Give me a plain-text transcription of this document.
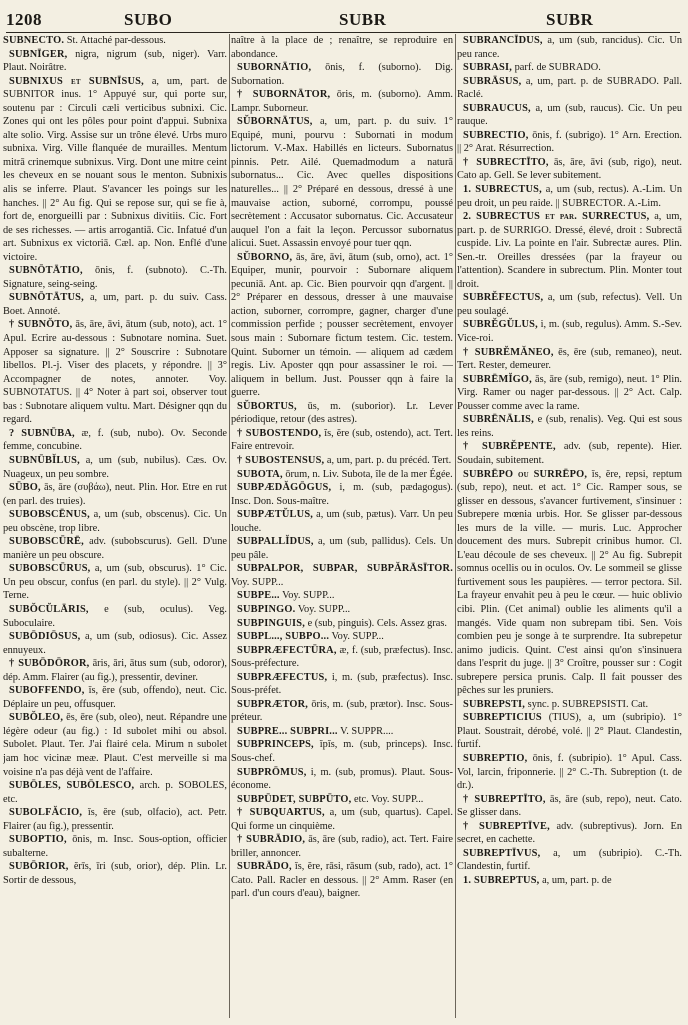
1208	SUBO	SUBR	SUBR

SUBNECTO. St. Attaché par-dessous.

SUBNĪGER, nigra, nigrum (sub, niger). Varr. Plaut. Noirâtre.

SUBNIXUS et SUBNĪSUS, a, um, part. de SUBNITOR inus. 1° Appuyé sur, qui porte sur, soutenu par : Circuli cæli verticibus subnixi. Cic. Zones qui ont les pôles pour point d'appui. Subnixa alte solio. Virg. Assise sur un trône élevé. Urbs muro subnixa. Virg. Ville flanquée de murailles. Mentum mitrā crinemque subnixus. Virg. Dont une mitre ceint les cheveux en se nouant sous le menton. Subnixis alis se inferre. Plaut. S'avancer les poings sur les hanches. || 2° Au fig. Qui se repose sur, qui se fie à, fort de, enorgueilli par : Subnixus divitiis. Cic. Fort de ses richesses. — artis arrogantiā. Cic. Infatué d'un art. Subnixus ex victoriā. Cæl. ap. Non. Enflé d'une victoire.

SUBNŌTĀTIO, ōnis, f. (subnoto). C.-Th. Signature, seing-seing.

SUBNŌTĀTUS, a, um, part. p. du suiv. Cass. Boet. Annoté.

† SUBNŎTO, ās, āre, āvi, ātum (sub, noto), act. 1° Apul. Ecrire au-dessous : Subnotare nomina. Suet. Apposer sa signature. || 2° Souscrire : Subnotare libellos. Pl.-j. Viser des placets, y répondre. || 3° Accompagner de notes, annoter. Voy. SUBNOTATUS. || 4° Noter à part soi, observer tout bas : Subnotare aliquem vultu. Mart. Désigner qqn du regard.

? SUBNŪBA, æ, f. (sub, nubo). Ov. Seconde femme, concubine.

SUBNŪBĬLUS, a, um (sub, nubilus). Cæs. Ov. Nuageux, un peu sombre.

SŪBO, ās, āre (συβάω), neut. Plin. Hor. Etre en rut (en parl. des truies).

SUBOBSCĒNUS, a, um (sub, obscenus). Cic. Un peu obscène, trop libre.

SUBOBSCŪRĒ, adv. (subobscurus). Gell. D'une manière un peu obscure.

SUBOBSCŪRUS, a, um (sub, obscurus). 1° Cic. Un peu obscur, confus (en parl. du style). || 2° Vulg. Terne.

SUBŎCŬLĀRIS, e (sub, oculus). Veg. Suboculaire.

SUBŌDIŌSUS, a, um (sub, odiosus). Cic. Assez ennuyeux.

† SUBŌDŌROR, āris, āri, ātus sum (sub, odoror), dép. Amm. Flairer (au fig.), pressentir, deviner.

SUBOFFENDO, ĭs, ĕre (sub, offendo), neut. Cic. Déplaire un peu, offusquer.

SUBŎLEO, ēs, ēre (sub, oleo), neut. Répandre une légère odeur (au fig.) : Id subolet mihi ou absol. Subolet. Plaut. Ter. J'ai flairé cela. Mirum n subolet jam hoc vicinæ meæ. Plaut. C'est merveille si ma voisine n'a pas déjà vent de l'affaire.

SUBŌLES, SUBŌLESCO, arch. p. SOBOLES, etc.

SUBOLFĂCIO, ĭs, ĕre (sub, olfacio), act. Petr. Flairer (au fig.), pressentir.

SUBOPTIO, ōnis, m. Insc. Sous-option, officier subalterne.

SUBŌRIOR, ĕrīs, īri (sub, orior), dép. Plin. Lr. Sortir de dessous,

naître à la place de ; renaître, se reproduire en abondance.

SUBORNĀTIO, ōnis, f. (suborno). Dig. Subornation.

† SUBORNĀTOR, ōris, m. (suborno). Amm. Lampr. Suborneur.

SŬBORNĀTUS, a, um, part. p. du suiv. 1° Equipé, muni, pourvu : Subornati in modum lictorum. V.-Max. Habillés en licteurs. Subornatus pinnis. Petr. Ailé. Quemadmodum a naturā subornatus... Cic. Avec quelles dispositions naturelles... || 2° Préparé en dessous, dressé à une mauvaise action, suborné, corrompu, poussé secrètement : Accusator subornatus. Cic. Accusateur auquel l'on a fait la leçon. Percussor subornatus alicui. Suet. Assassin envoyé pour tuer qqn.

SŬBORNO, ās, āre, āvi, ātum (sub, orno), act. 1° Equiper, munir, pourvoir : Subornare aliquem pecuniā. Ant. ap. Cic. Bien pourvoir qqn d'argent. || 2° Préparer en dessous, dresser à une mauvaise action, suborner, corrompre, gagner, charger d'une commission perfide ; pousser secrètement, envoyer sous main : Subornare fictum testem. Cic. testem. Quint. Suborner un témoin. — aliquem ad cædem regis. Liv. Aposter qqn pour assassiner le roi. — aliquem in bellum. Just. Pousser qqn à faire la guerre.

SŬBORTUS, ūs, m. (suborior). Lr. Lever périodique, retour (des astres).

† SUBOSTENDO, ĭs, ĕre (sub, ostendo), act. Tert. Faire entrevoir.

† SUBOSTENSUS, a, um, part. p. du précéd. Tert.

SUBOTA, ōrum, n. Liv. Subota, île de la mer Égée.

SUBPÆDĂGŌGUS, i, m. (sub, pædagogus). Insc. Don. Sous-maître.

SUBPÆTŬLUS, a, um (sub, pætus). Varr. Un peu louche.

SUBPALLĬDUS, a, um (sub, pallidus). Cels. Un peu pâle.

SUBPALPOR, SUBPAR, SUBPĂRĀSĪTOR. Voy. SUPP...

SUBPE... Voy. SUPP...

SUBPINGO. Voy. SUPP...

SUBPINGUIS, e (sub, pinguis). Cels. Assez gras.

SUBPL..., SUBPO... Voy. SUPP...

SUBPRÆFECTŪRA, æ, f. (sub, præfectus). Insc. Sous-préfecture.

SUBPRÆFECTUS, i, m. (sub, præfectus). Insc. Sous-préfet.

SUBPRÆTOR, ōris, m. (sub, prætor). Insc. Sous-préteur.

SUBPRE... SUBPRI... V. SUPPR....

SUBPRINCEPS, ĭpĭs, m. (sub, princeps). Insc. Sous-chef.

SUBPRŌMUS, i, m. (sub, promus). Plaut. Sous-économe.

SUBPŪDET, SUBPŪTO, etc. Voy. SUPP...

† SUBQUARTUS, a, um (sub, quartus). Capel. Qui forme un cinquième.

† SUBRĀDIO, ās, āre (sub, radio), act. Tert. Faire briller, annoncer.

SUBRĀDO, ĭs, ĕre, rāsi, rāsum (sub, rado), act. 1° Cato. Pall. Racler en dessous. || 2° Amm. Raser (en parl. d'un cours d'eau), baigner.

SUBRANCĪDUS, a, um (sub, rancidus). Cic. Un peu rance.

SUBRASI, parf. de SUBRADO.

SUBRĀSUS, a, um, part. p. de SUBRADO. Pall. Raclé.

SUBRAUCUS, a, um (sub, raucus). Cic. Un peu rauque.

SUBRECTIO, ōnis, f. (subrigo). 1° Arn. Erection. || 2° Arat. Résurrection.

† SUBRECTĪTO, ās, āre, āvi (sub, rigo), neut. Cato ap. Gell. Se lever subitement.

1. SUBRECTUS, a, um (sub, rectus). A.-Lim. Un peu droit, un peu raide. || SUBRECTOR. A.-Lim.

2. SUBRECTUS et par. SURRECTUS, a, um, part. p. de SURRIGO. Dressé, élevé, droit : Subrectā cuspide. Liv. La pointe en l'air. Subrectæ aures. Plin. Sen.-tr. Oreilles dressées (par la frayeur ou l'attention). Scandere in subrectum. Plin. Monter tout droit.

SUBRĔFECTUS, a, um (sub, refectus). Vell. Un peu soulagé.

SUBRĔGŬLUS, i, m. (sub, regulus). Amm. S.-Sev. Vice-roi.

† SUBRĔMĂNEO, ēs, ēre (sub, remaneo), neut. Tert. Rester, demeurer.

SUBRĒMĬGO, ās, āre (sub, remigo), neut. 1° Plin. Virg. Ramer ou nager par-dessous. || 2° Act. Calp. Pousser comme avec la rame.

SUBRĒNĀLIS, e (sub, renalis). Veg. Qui est sous les reins.

† SUBRĔPENTE, adv. (sub, repente). Hier. Soudain, subitement.

SUBRĒPO ou SURRĒPO, ĭs, ĕre, repsi, reptum (sub, repo), neut. et act. 1° Cic. Ramper sous, se glisser en dessous, s'avancer furtivement, s'insinuer : Subrepere mœnia urbis. Hor. Se glisser par-dessous les murs de la ville. — muris. Luc. Approcher doucement des murs. Subrepit crinibus humor. Cl. L'eau découle de ses cheveux. || 2° Au fig. Subrepit somnus ocellis ou in oculos. Ov. Le sommeil se glisse furtivement sous les paupières. — terror pectora. Sil. La frayeur envahit peu à peu le cœur. — huic oblivio cibi. Plin. (Cet animal) oublie les aliments qu'il a mangés. Vide quam non subrepam tibi. Sen. Vois combien peu je songe à te surprendre. Ita subrepetur animo judicis. Quint. C'est ainsi qu'on s'insinuera dans l'esprit du juge. || 3° Croître, pousser sur : Cogit subrepere persica prunis. Calp. Il fait pousser des pêches sur les pruniers.

SUBREPSTI, sync. p. SUBREPSISTI. Cat.

SUBREPTICIUS (TIUS), a, um (subripio). 1° Plaut. Soustrait, dérobé, volé. || 2° Plaut. Clandestin, furtif.

SUBREPTIO, ōnis, f. (subripio). 1° Apul. Cass. Vol, larcin, friponnerie. || 2° C.-Th. Subreption (t. de dr.).

† SUBREPTĪTO, ās, āre (sub, repo), neut. Cato. Se glisser dans.

† SUBREPTĪVE, adv. (subreptivus). Jorn. En secret, en cachette.

SUBREPTĪVUS, a, um (subripio). C.-Th. Clandestin, furtif.

1. SUBREPTUS, a, um, part. p. de
